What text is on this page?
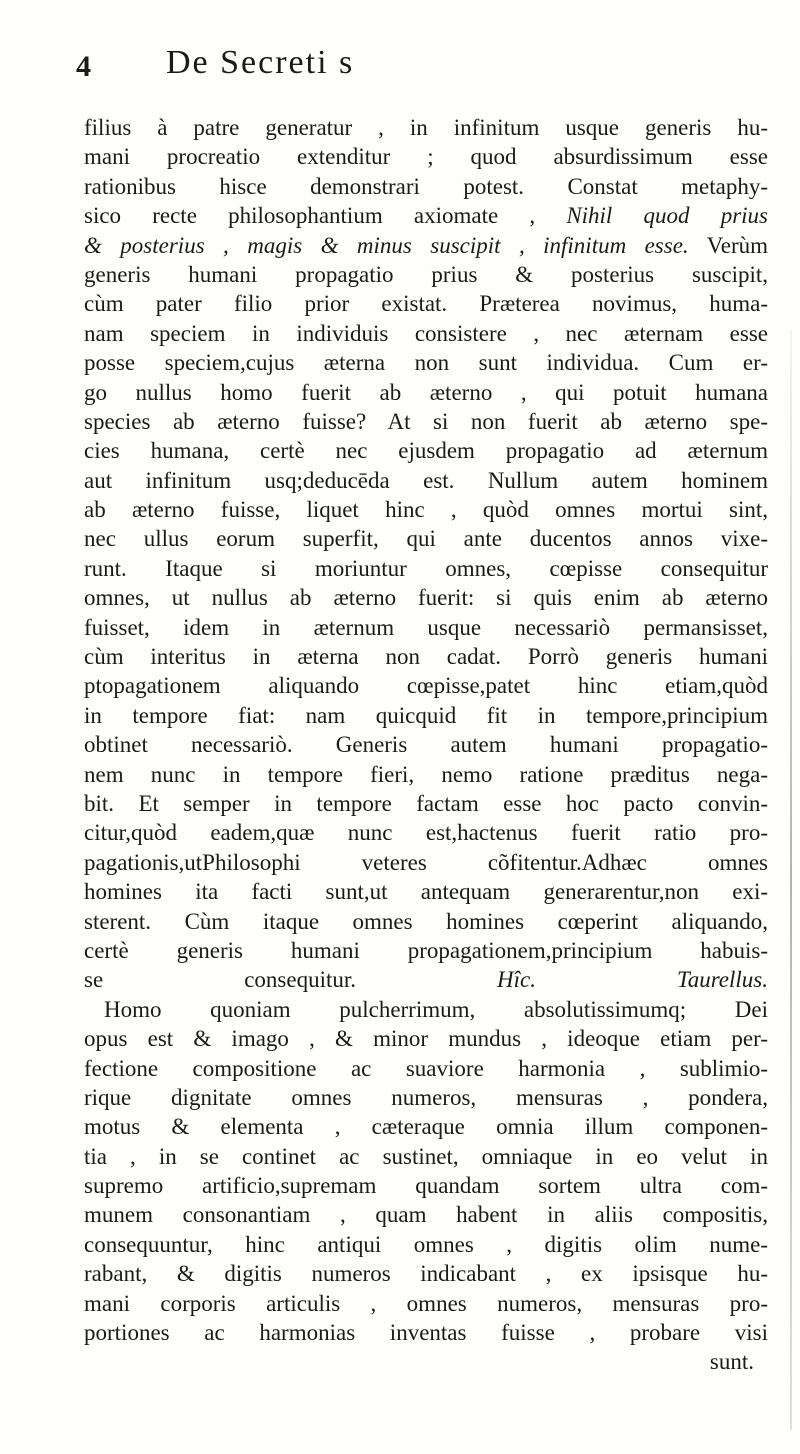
4 De Secreti s
filius à patre generatur , in infinitum usque generis hu-
mani procreatio extenditur ; quod absurdissimum esse
rationibus hisce demonstrari potest. Constat metaphy-
sico recte philosophantium axiomate , Nihil quod prius
& posterius , magis & minus suscipit , infinitum esse. Verùm
generis humani propagatio prius & posterius suscipit,
cùm pater filio prior existat. Præterea novimus, huma-
nam speciem in individuis consistere , nec æternam esse
posse speciem,cujus æterna non sunt individua. Cum er-
go nullus homo fuerit ab æterno , qui potuit humana
species ab æterno fuisse? At si non fuerit ab æterno spe-
cies humana, certè nec ejusdem propagatio ad æternum
aut infinitum usq;deducēda est. Nullum autem hominem
ab æterno fuisse, liquet hinc , quòd omnes mortui sint,
nec ullus eorum superfit, qui ante ducentos annos vixe-
runt. Itaque si moriuntur omnes, cœpisse consequitur
omnes, ut nullus ab æterno fuerit: si quis enim ab æterno
fuisset, idem in æternum usque necessariò permansisset,
cùm interitus in æterna non cadat. Porrò generis humani
ptopagationem aliquando cœpisse,patet hinc etiam,quòd
in tempore fiat: nam quicquid fit in tempore,principium
obtinet necessariò. Generis autem humani propagatio-
nem nunc in tempore fieri, nemo ratione præditus nega-
bit. Et semper in tempore factam esse hoc pacto convin-
citur,quòd eadem,quæ nunc est,hactenus fuerit ratio pro-
pagationis,utPhilosophi veteres cõfitentur.Adhæc omnes
homines ita facti sunt,ut antequam generarentur,non exi-
sterent. Cùm itaque omnes homines cœperint aliquando,
certè generis humani propagationem,principium habuis-
se consequitur. Hîc. Taurellus.
Homo quoniam pulcherrimum, absolutissimumq; Dei
opus est & imago , & minor mundus , ideoque etiam per-
fectione compositione ac suaviore harmonia , sublimio-
rique dignitate omnes numeros, mensuras , pondera,
motus & elementa , cæteraque omnia illum componen-
tia , in se continet ac sustinet, omniaque in eo velut in
supremo artificio,supremam quandam sortem ultra com-
munem consonantiam , quam habent in aliis compositis,
consequuntur, hinc antiqui omnes , digitis olim nume-
rabant, & digitis numeros indicabant , ex ipsisque hu-
mani corporis articulis , omnes numeros, mensuras pro-
portiones ac harmonias inventas fuisse , probare visi
sunt.
